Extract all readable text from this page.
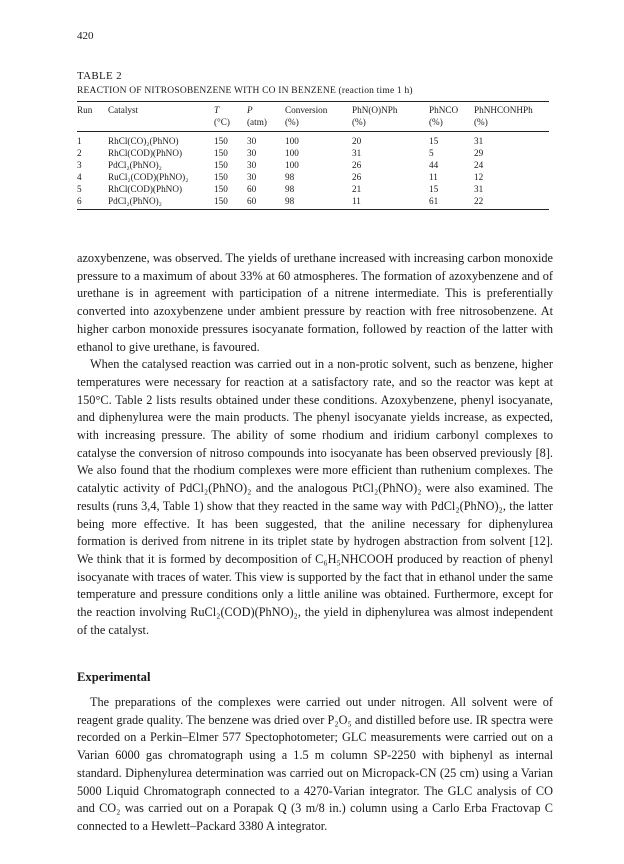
420
TABLE 2
REACTION OF NITROSOBENZENE WITH CO IN BENZENE (reaction time 1 h)
Run	Catalyst	T	P	Conversion	PhN(O)NPh	PhNCO	PhNHCONHPh
		(°C)	(atm)	(%)	(%)	(%)	(%)

1	RhCl(CO)₂(PhNO)	150	30	100	20	15	31
2	RhCl(COD)(PhNO)	150	30	100	31	5	29
3	PdCl₂(PhNO)₂	150	30	100	26	44	24
4	RuCl₂(COD)(PhNO)₂	150	30	98	26	11	12
5	RhCl(COD)(PhNO)	150	60	98	21	15	31
6	PdCl₂(PhNO)₂	150	60	98	11	61	22

azoxybenzene, was observed. The yields of urethane increased with increasing carbon monoxide pressure to a maximum of about 33% at 60 atmospheres. The formation of azoxybenzene and of urethane is in agreement with participation of a nitrene intermediate. This is preferentially converted into azoxybenzene under ambient pressure by reaction with free nitrosobenzene. At higher carbon monoxide pressures isocyanate formation, followed by reaction of the latter with ethanol to give urethane, is favoured.

When the catalysed reaction was carried out in a non-protic solvent, such as benzene, higher temperatures were necessary for reaction at a satisfactory rate, and so the reactor was kept at 150°C. Table 2 lists results obtained under these conditions. Azoxybenzene, phenyl isocyanate, and diphenylurea were the main products. The phenyl isocyanate yields increase, as expected, with increasing pressure. The ability of some rhodium and iridium carbonyl complexes to catalyse the conversion of nitroso compounds into isocyanate has been observed previously [8]. We also found that the rhodium complexes were more efficient than ruthenium complexes. The catalytic activity of PdCl₂(PhNO)₂ and the analogous PtCl₂(PhNO)₂ were also examined. The results (runs 3,4, Table 1) show that they reacted in the same way with PdCl₂(PhNO)₂, the latter being more effective. It has been suggested, that the aniline necessary for diphenylurea formation is derived from nitrene in its triplet state by hydrogen abstraction from solvent [12]. We think that it is formed by decomposition of C₆H₅NHCOOH produced by reaction of phenyl isocyanate with traces of water. This view is supported by the fact that in ethanol under the same temperature and pressure conditions only a little aniline was obtained. Furthermore, except for the reaction involving RuCl₂(COD)(PhNO)₂, the yield in diphenylurea was almost independent of the catalyst.

Experimental

The preparations of the complexes were carried out under nitrogen. All solvent were of reagent grade quality. The benzene was dried over P₂O₅ and distilled before use. IR spectra were recorded on a Perkin–Elmer 577 Spectophotometer; GLC measurements were carried out on a Varian 6000 gas chromatograph using a 1.5 m column SP-2250 with biphenyl as internal standard. Diphenylurea determination was carried out on Micropack-CN (25 cm) using a Varian 5000 Liquid Chromatograph connected to a 4270-Varian integrator. The GLC analysis of CO and CO₂ was carried out on a Porapak Q (3 m/8 in.) column using a Carlo Erba Fractovap C connected to a Hewlett–Packard 3380 A integrator.
